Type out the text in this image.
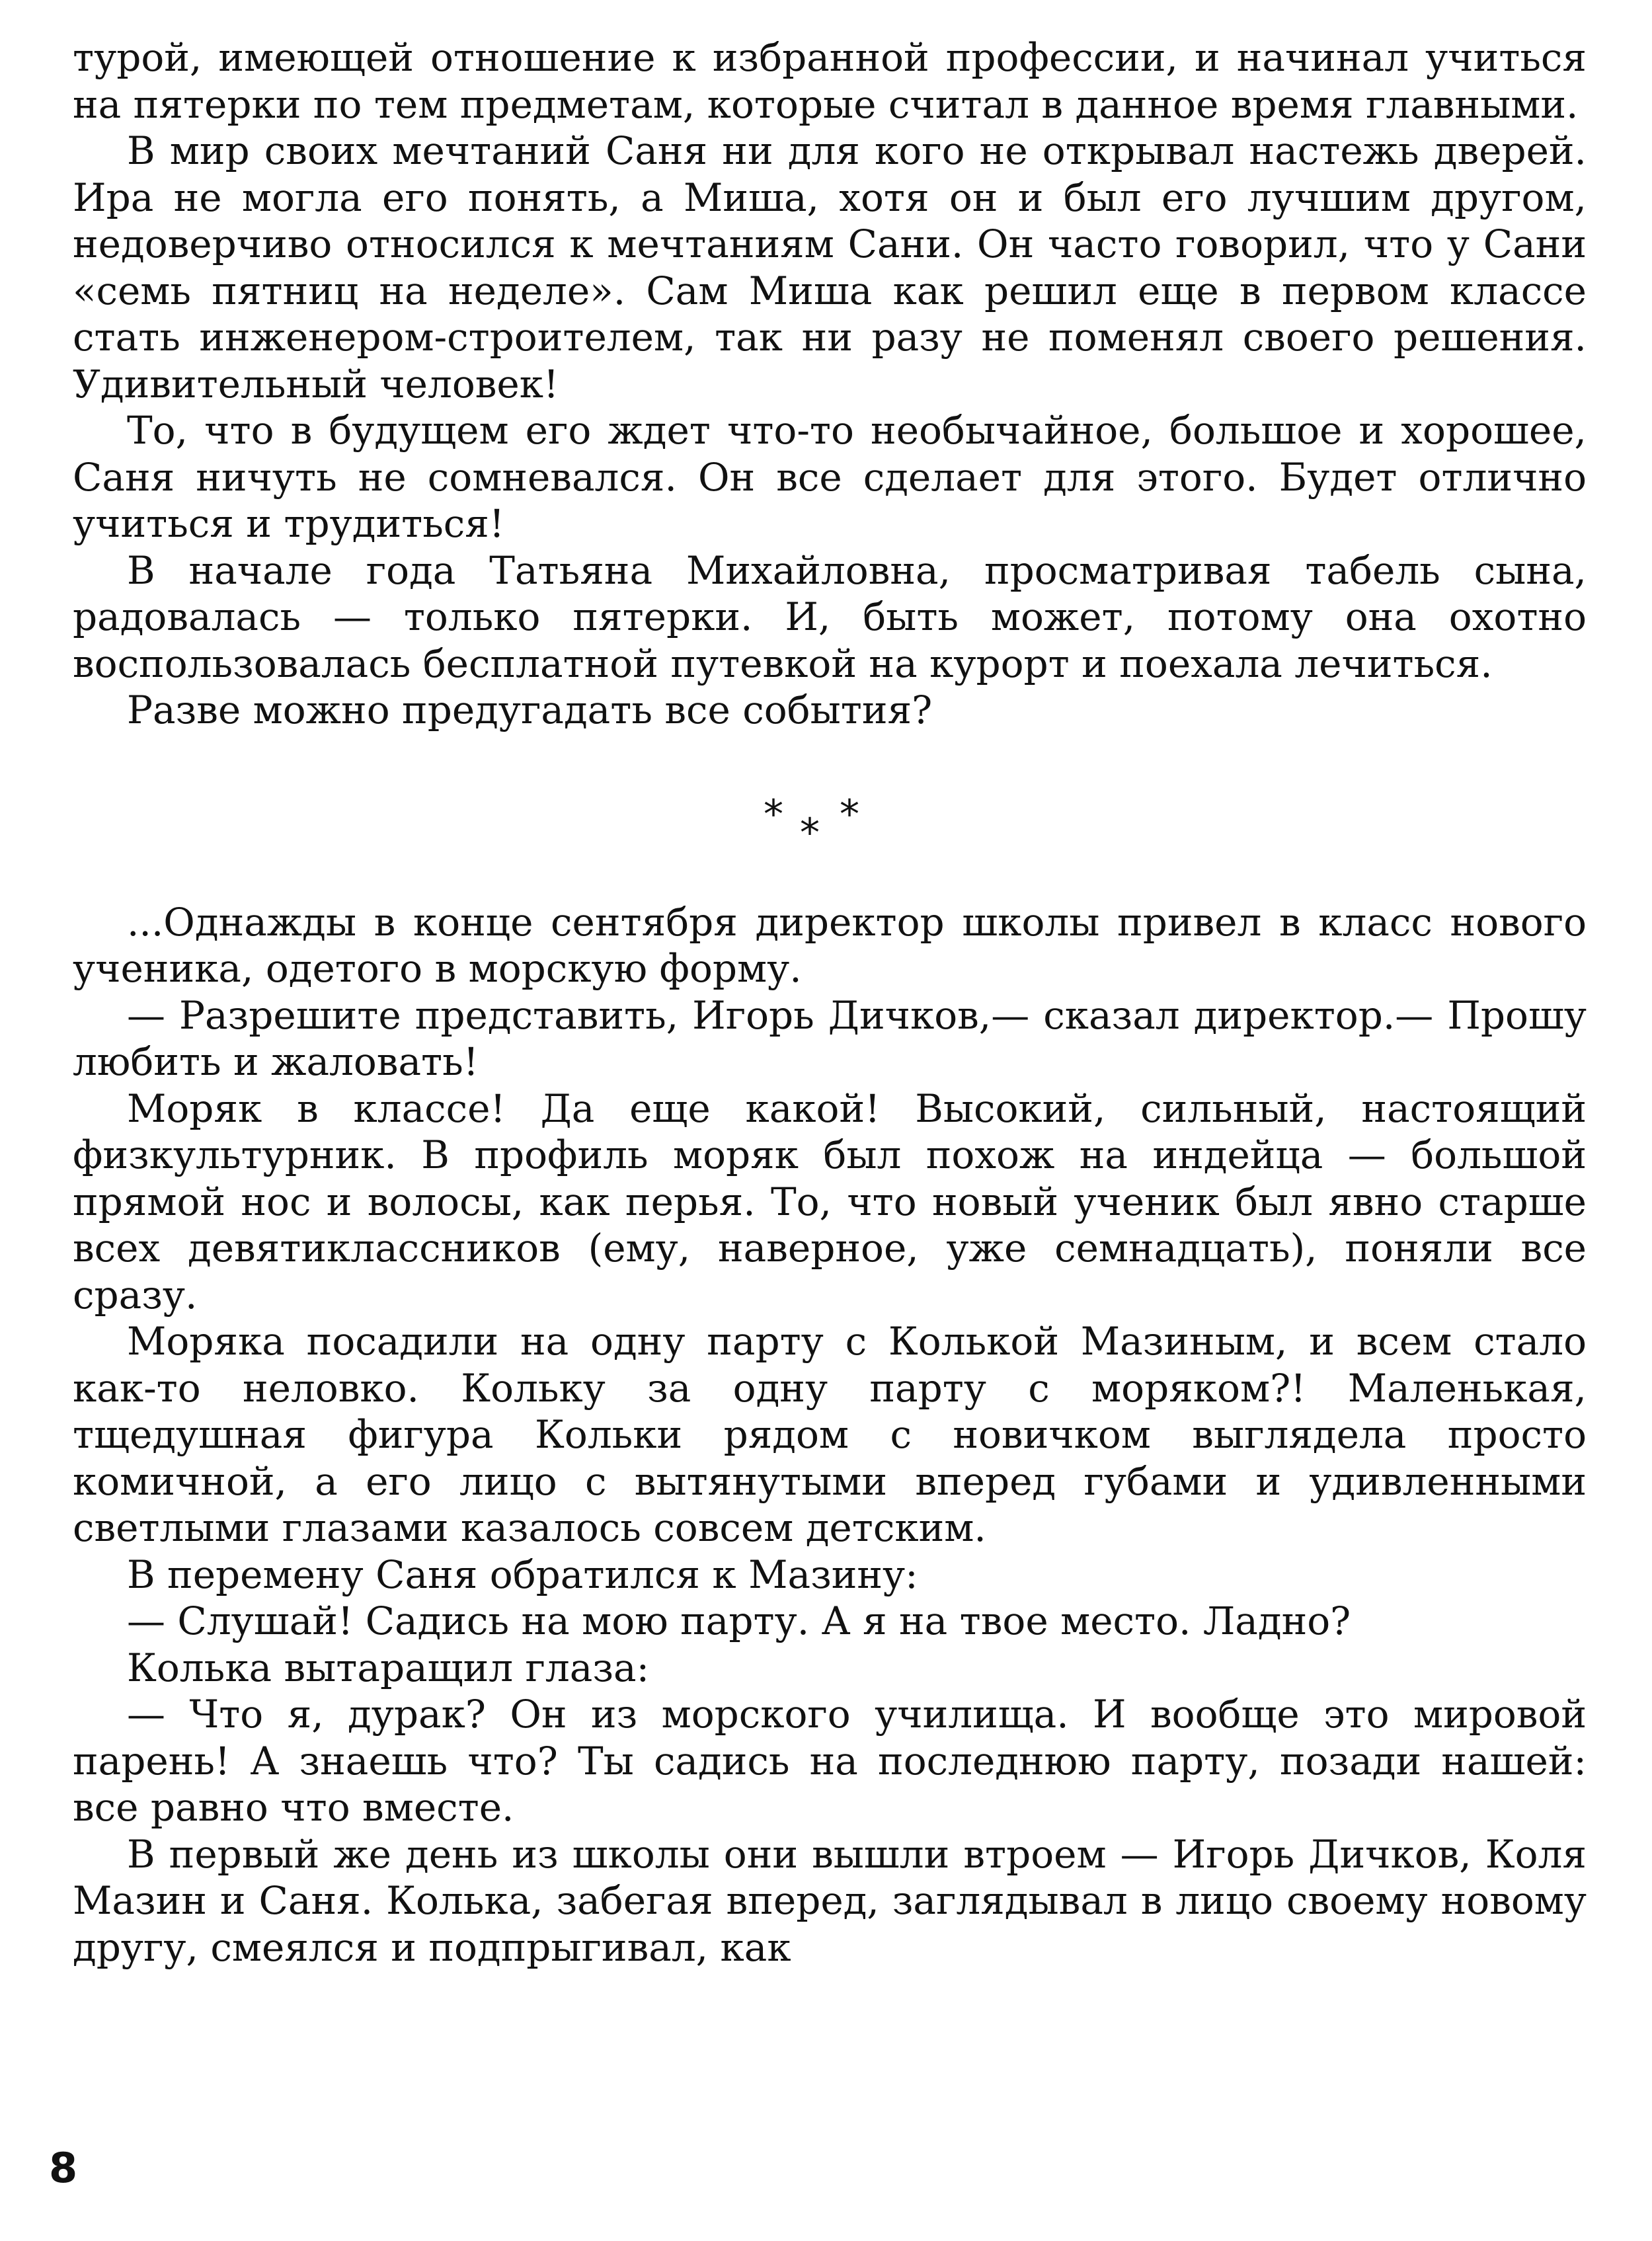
турой, имеющей отношение к избранной профессии, и начинал учиться на пятерки по тем предметам, которые считал в данное время главными.

В мир своих мечтаний Саня ни для кого не открывал настежь дверей. Ира не могла его понять, а Миша, хотя он и был его лучшим другом, недоверчиво относился к мечтаниям Сани. Он часто говорил, что у Сани «семь пятниц на неделе». Сам Миша как решил еще в первом классе стать инженером-строителем, так ни разу не поменял своего решения. Удивительный человек!

То, что в будущем его ждет что-то необычайное, большое и хорошее, Саня ничуть не сомневался. Он все сделает для этого. Будет отлично учиться и трудиться!

В начале года Татьяна Михайловна, просматривая табель сына, радовалась — только пятерки. И, быть может, потому она охотно воспользовалась бесплатной путевкой на курорт и поехала лечиться.

Разве можно предугадать все события?

* * *

...Однажды в конце сентября директор школы привел в класс нового ученика, одетого в морскую форму.

— Разрешите представить, Игорь Дичков,— сказал директор.— Прошу любить и жаловать!

Моряк в классе! Да еще какой! Высокий, сильный, настоящий физкультурник. В профиль моряк был похож на индейца — большой прямой нос и волосы, как перья. То, что новый ученик был явно старше всех девятиклассников (ему, наверное, уже семнадцать), поняли все сразу.

Моряка посадили на одну парту с Колькой Мазиным, и всем стало как-то неловко. Кольку за одну парту с моряком?! Маленькая, тщедушная фигура Кольки рядом с новичком выглядела просто комичной, а его лицо с вытянутыми вперед губами и удивленными светлыми глазами казалось совсем детским.

В перемену Саня обратился к Мазину:

— Слушай! Садись на мою парту. А я на твое место. Ладно?

Колька вытаращил глаза:

— Что я, дурак? Он из морского училища. И вообще это мировой парень! А знаешь что? Ты садись на последнюю парту, позади нашей: все равно что вместе.

В первый же день из школы они вышли втроем — Игорь Дичков, Коля Мазин и Саня. Колька, забегая вперед, заглядывал в лицо своему новому другу, смеялся и подпрыгивал, как

8
